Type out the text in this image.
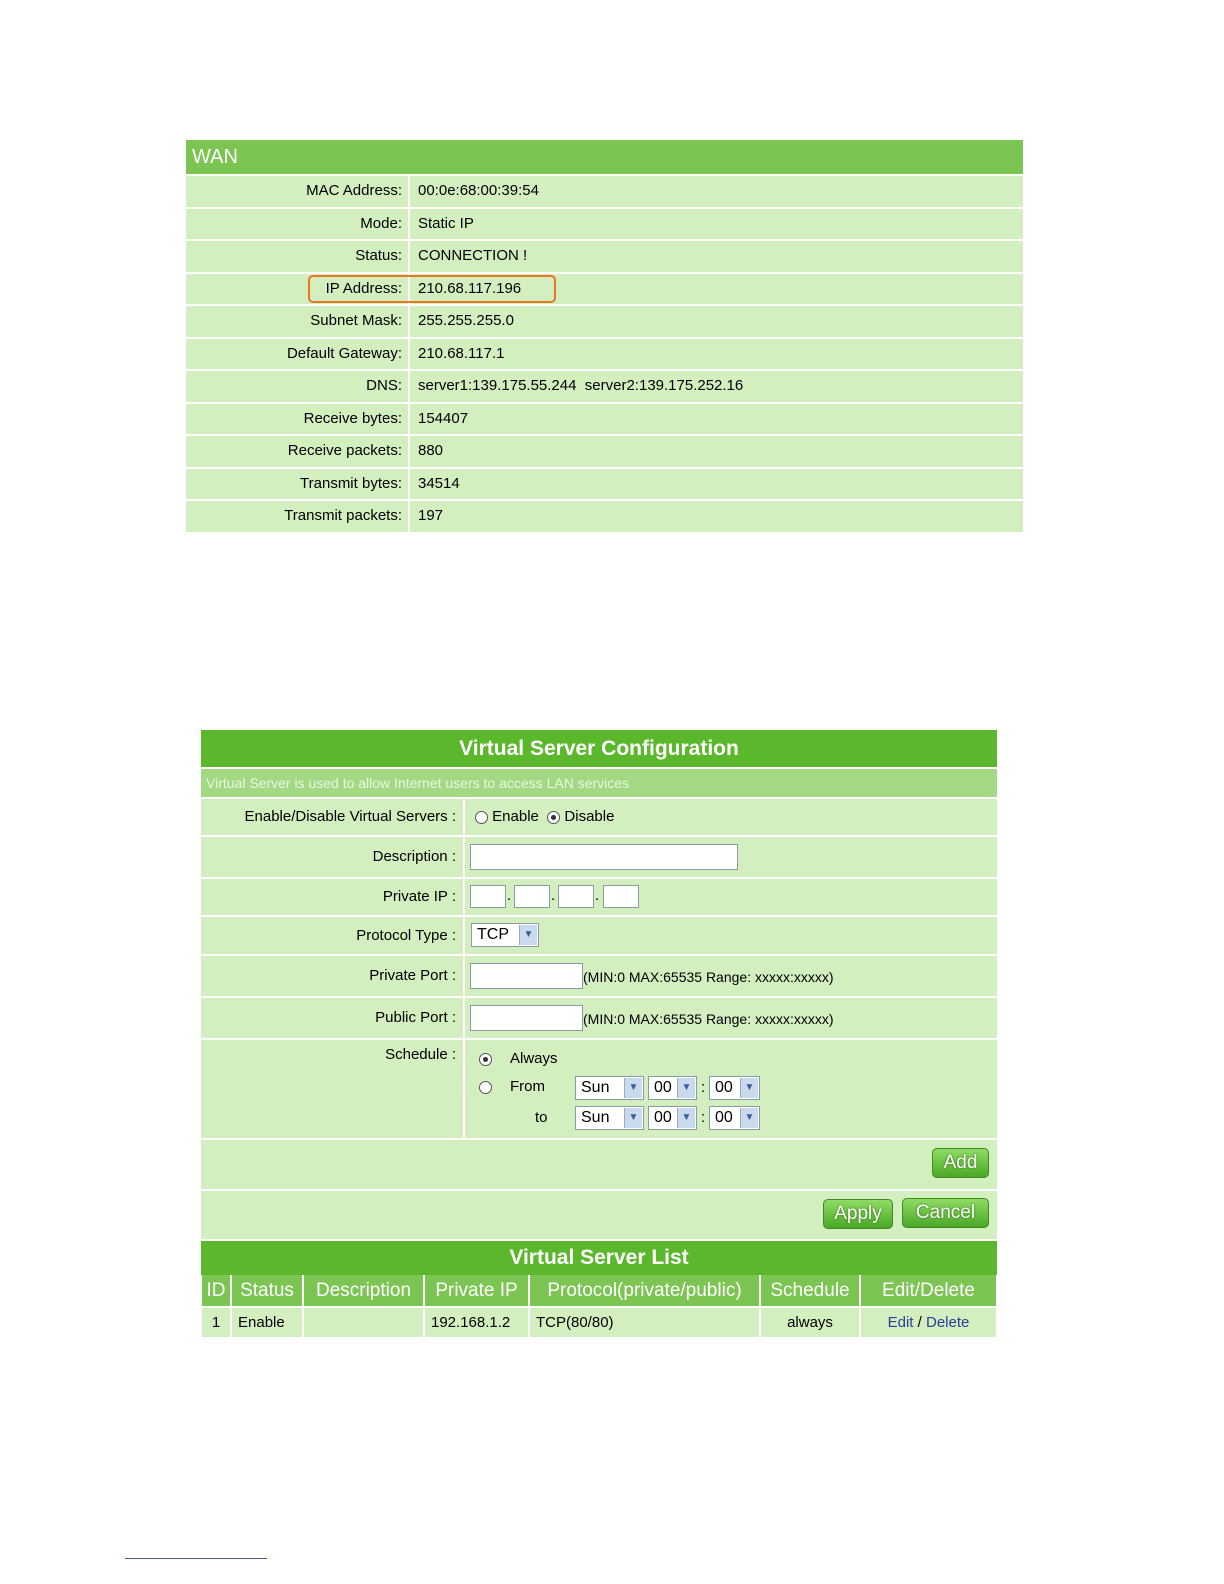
WAN
MAC Address:	00:0e:68:00:39:54
Mode:	Static IP
Status:	CONNECTION !
IP Address:	210.68.117.196
Subnet Mask:	255.255.255.0
Default Gateway:	210.68.117.1
DNS:	server1:139.175.55.244  server2:139.175.252.16
Receive bytes:	154407
Receive packets:	880
Transmit bytes:	34514
Transmit packets:	197
Virtual Server Configuration
Virtual Server is used to allow Internet users to access LAN services
Enable/Disable Virtual Servers :	Enable Disable
Description :
Private IP :	.	.	.
Protocol Type :	TCP	▼
Private Port :	(MIN:0 MAX:65535 Range: xxxxx:xxxxx)
Public Port :	(MIN:0 MAX:65535 Range: xxxxx:xxxxx)
Schedule :	Always
From	Sun	▼ 00 ▼ : 00	▼
to	Sun	▼ 00 ▼ : 00	▼
Add
Apply	Cancel
Virtual Server List
ID	Status	Description	Private IP	Protocol(private/public)	Schedule	Edit/Delete
1	Enable		192.168.1.2	TCP(80/80)	always	Edit / Delete
